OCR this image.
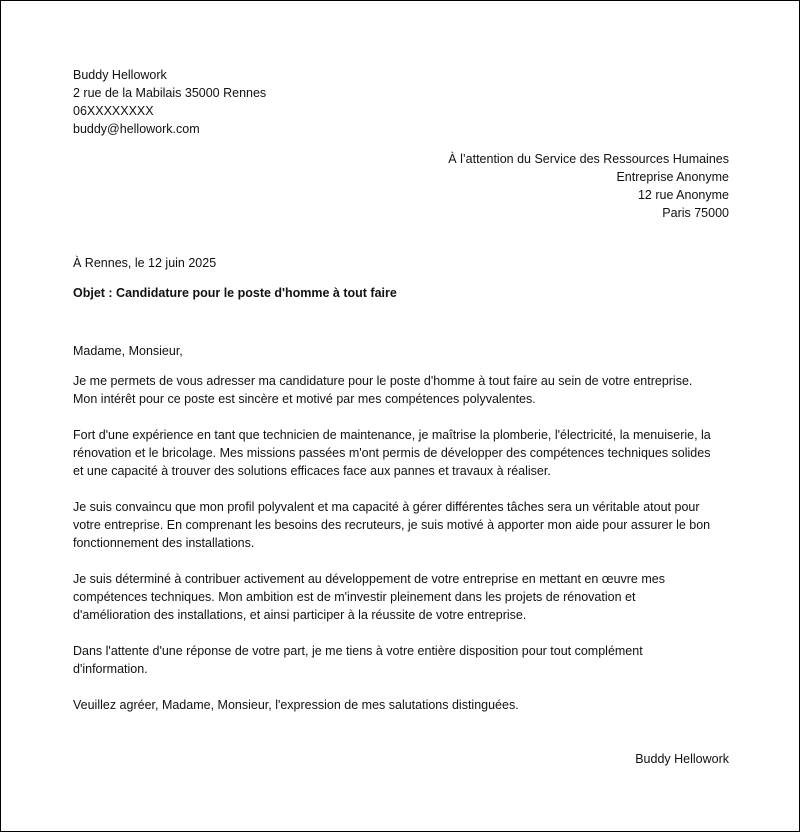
Buddy Hellowork
2 rue de la Mabilais 35000 Rennes
06XXXXXXXX
buddy@hellowork.com
À l’attention du Service des Ressources Humaines
Entreprise Anonyme
12 rue Anonyme
Paris 75000
À Rennes, le 12 juin 2025
Objet : Candidature pour le poste d'homme à tout faire
Madame, Monsieur,
Je me permets de vous adresser ma candidature pour le poste d'homme à tout faire au sein de votre entreprise.
Mon intérêt pour ce poste est sincère et motivé par mes compétences polyvalentes.
Fort d'une expérience en tant que technicien de maintenance, je maîtrise la plomberie, l'électricité, la menuiserie, la
rénovation et le bricolage. Mes missions passées m'ont permis de développer des compétences techniques solides
et une capacité à trouver des solutions efficaces face aux pannes et travaux à réaliser.
Je suis convaincu que mon profil polyvalent et ma capacité à gérer différentes tâches sera un véritable atout pour
votre entreprise. En comprenant les besoins des recruteurs, je suis motivé à apporter mon aide pour assurer le bon
fonctionnement des installations.
Je suis déterminé à contribuer activement au développement de votre entreprise en mettant en œuvre mes
compétences techniques. Mon ambition est de m'investir pleinement dans les projets de rénovation et
d'amélioration des installations, et ainsi participer à la réussite de votre entreprise.
Dans l'attente d'une réponse de votre part, je me tiens à votre entière disposition pour tout complément
d'information.
Veuillez agréer, Madame, Monsieur, l'expression de mes salutations distinguées.
Buddy Hellowork
